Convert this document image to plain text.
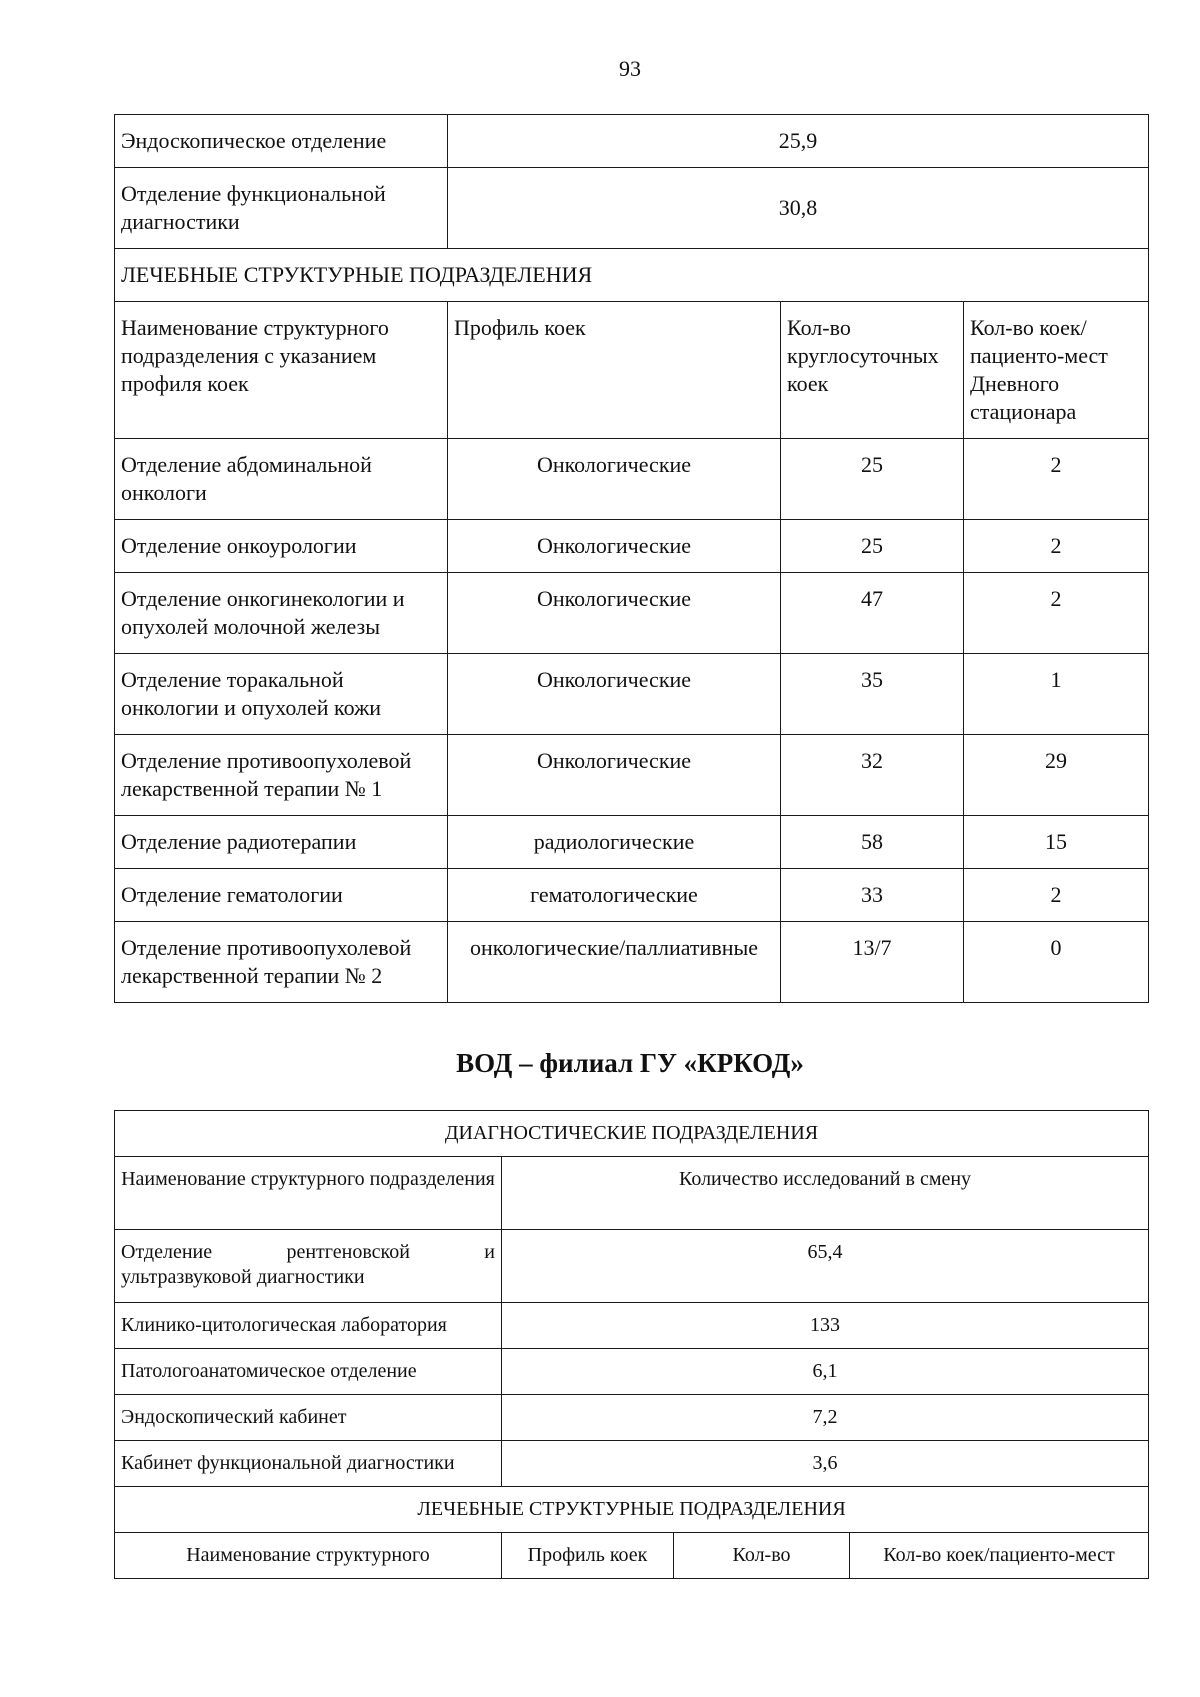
93
Эндоскопическое отделение	25,9		
Отделение функциональной диагностики	30,8		
ЛЕЧЕБНЫЕ СТРУКТУРНЫЕ ПОДРАЗДЕЛЕНИЯ			
Наименование структурного подразделения с указанием профиля коек	Профиль коек	Кол-во круглосуточных коек	Кол-во коек/пациенто-мест Дневного стационара
Отделение абдоминальной онкологи	Онкологические	25	2
Отделение онкоурологии	Онкологические	25	2
Отделение онкогинекологии и опухолей молочной железы	Онкологические	47	2
Отделение торакальной онкологии и опухолей кожи	Онкологические	35	1
Отделение противоопухолевой лекарственной терапии № 1	Онкологические	32	29
Отделение радиотерапии	радиологические	58	15
Отделение гематологии	гематологические	33	2
Отделение противоопухолевой лекарственной терапии № 2	онкологические/паллиативные	13/7	0
ВОД – филиал ГУ «КРКОД»
ДИАГНОСТИЧЕСКИЕ ПОДРАЗДЕЛЕНИЯ			
Наименование структурного подразделения	Количество исследований в смену		

Отделение рентгеновской и
ультразвуковой диагностики	65,4		
Клинико-цитологическая лаборатория	133		
Патологоанатомическое отделение	6,1		
Эндоскопический кабинет	7,2		
Кабинет функциональной диагностики	3,6		
ЛЕЧЕБНЫЕ СТРУКТУРНЫЕ ПОДРАЗДЕЛЕНИЯ			
Наименование структурного	Профиль коек	Кол-во	Кол-во коек/пациенто-мест
